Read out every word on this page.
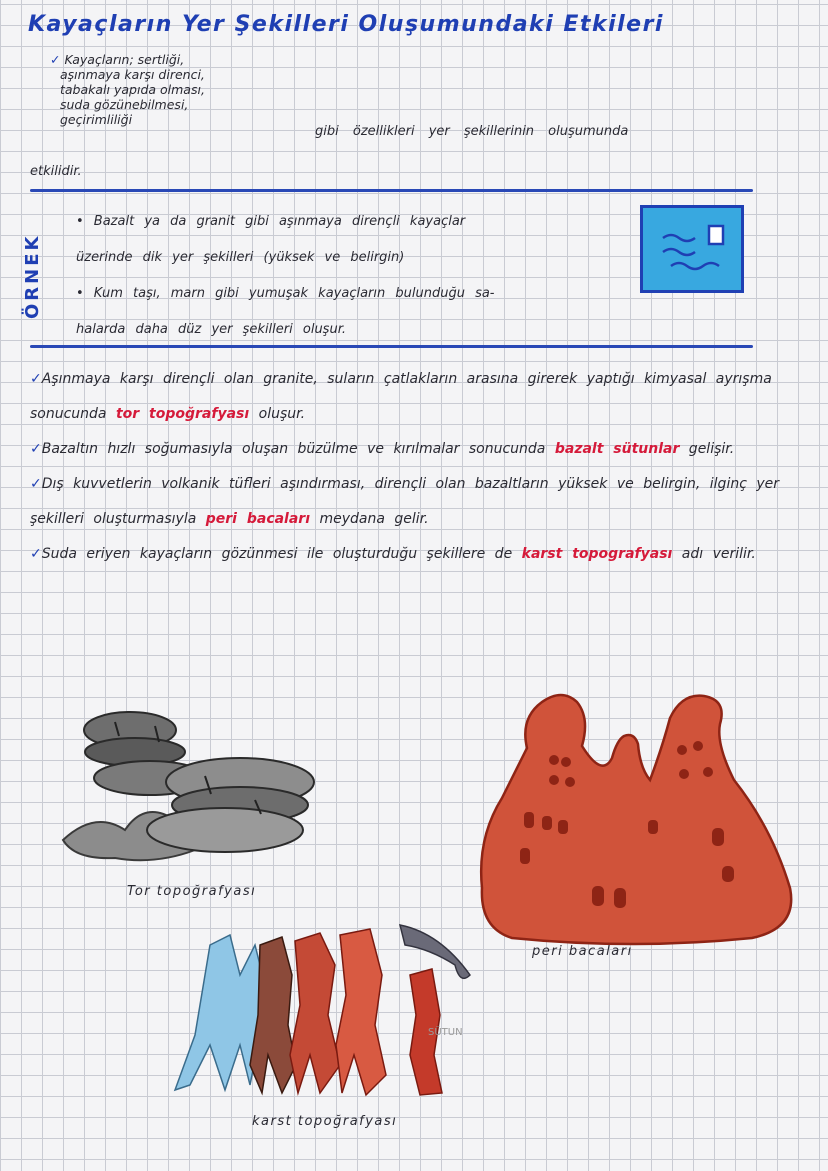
Kayaçların Yer Şekilleri Oluşumundaki Etkileri
✓ Kayaçların; sertliği,
aşınmaya karşı direnci,
tabakalı yapıda olması,
suda gözünebilmesi,
geçirimliliği
gibi özellikleri yer şekillerinin oluşumunda
etkilidir.
ÖRNEK
• Bazalt ya da granit gibi aşınmaya dirençli kayaçlar
üzerinde dik yer şekilleri (yüksek ve belirgin)
• Kum taşı, marn gibi yumuşak kayaçların bulunduğu sa-
halarda daha düz yer şekilleri oluşur.
✓Aşınmaya karşı dirençli olan granite, suların çatlakların arasına girerek yaptığı kimyasal ayrışma sonucunda tor topoğrafyası oluşur.
✓Bazaltın hızlı soğumasıyla oluşan büzülme ve kırılmalar sonucunda bazalt sütunlar gelişir.
✓Dış kuvvetlerin volkanik tüfleri aşındırması, dirençli olan bazaltların yüksek ve belirgin, ilginç yer şekilleri oluşturmasıyla peri bacaları meydana gelir.
✓Suda eriyen kayaçların gözünmesi ile oluşturduğu şekillere de karst topografyası adı verilir.
Tor topoğrafyası
peri bacaları
SÜTUN
karst topoğrafyası
